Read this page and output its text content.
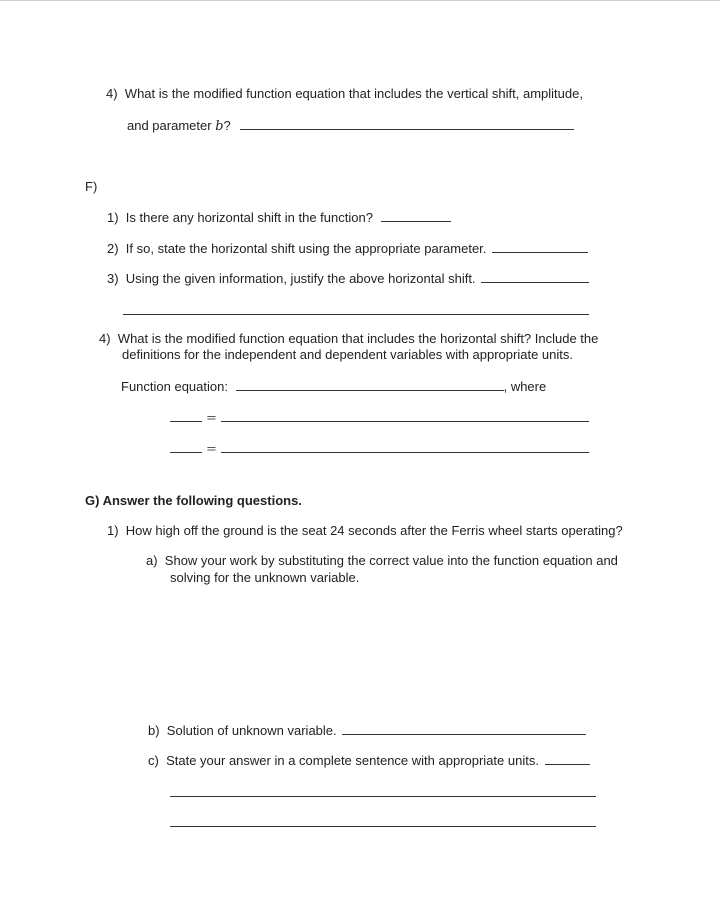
4) What is the modified function equation that includes the vertical shift, amplitude,
and parameter b?
F)
1) Is there any horizontal shift in the function?
2) If so, state the horizontal shift using the appropriate parameter.
3) Using the given information, justify the above horizontal shift.
4) What is the modified function equation that includes the horizontal shift? Include the
definitions for the independent and dependent variables with appropriate units.
Function equation:	, where
=
=
G) Answer the following questions.
1) How high off the ground is the seat 24 seconds after the Ferris wheel starts operating?
a) Show your work by substituting the correct value into the function equation and
solving for the unknown variable.
b) Solution of unknown variable.
c) State your answer in a complete sentence with appropriate units.
